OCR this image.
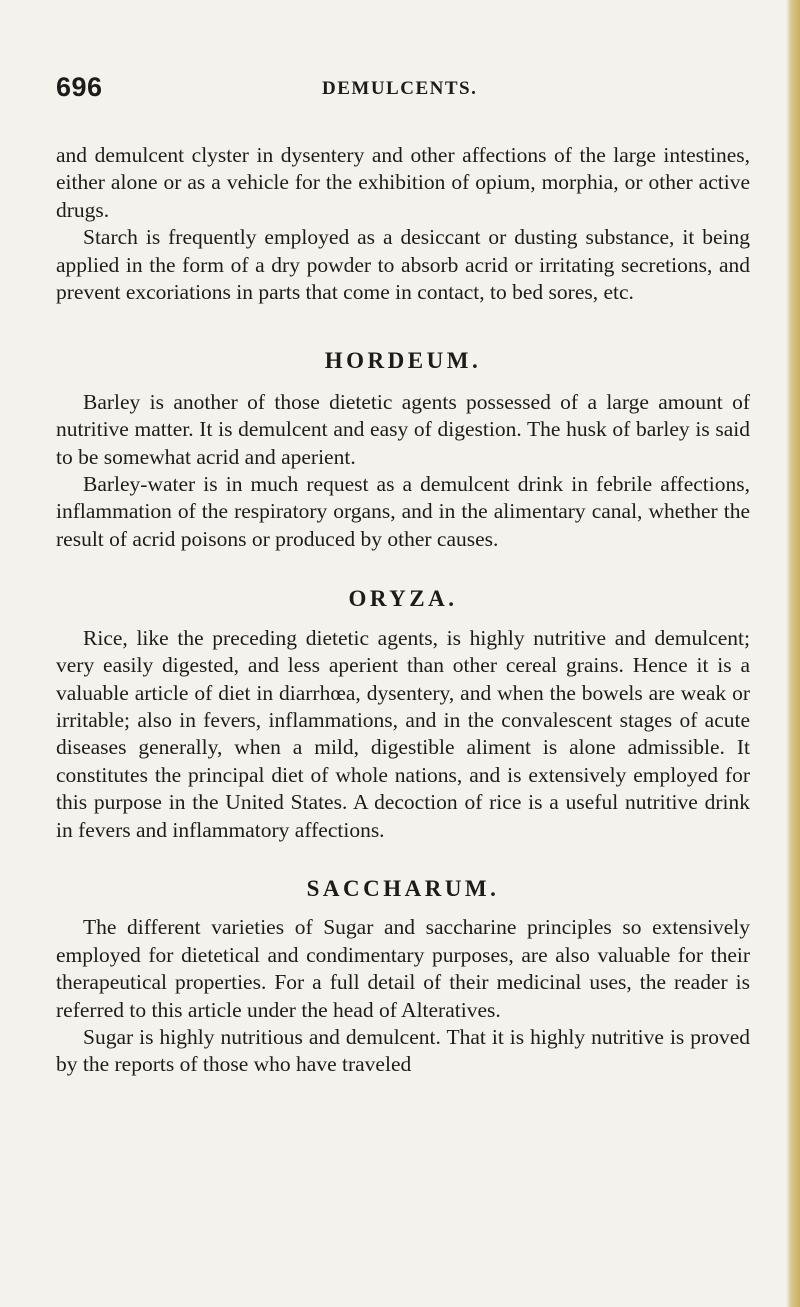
696	DEMULCENTS.

and demulcent clyster in dysentery and other affections of the large intestines, either alone or as a vehicle for the exhibition of opium, morphia, or other active drugs.

Starch is frequently employed as a desiccant or dusting substance, it being applied in the form of a dry powder to absorb acrid or irritating secretions, and prevent excoriations in parts that come in contact, to bed sores, etc.

HORDEUM.

Barley is another of those dietetic agents possessed of a large amount of nutritive matter. It is demulcent and easy of digestion. The husk of barley is said to be somewhat acrid and aperient.

Barley-water is in much request as a demulcent drink in febrile affections, inflammation of the respiratory organs, and in the alimentary canal, whether the result of acrid poisons or produced by other causes.

ORYZA.

Rice, like the preceding dietetic agents, is highly nutritive and demulcent; very easily digested, and less aperient than other cereal grains. Hence it is a valuable article of diet in diarrhœa, dysentery, and when the bowels are weak or irritable; also in fevers, inflammations, and in the convalescent stages of acute diseases generally, when a mild, digestible aliment is alone admissible. It constitutes the principal diet of whole nations, and is extensively employed for this purpose in the United States. A decoction of rice is a useful nutritive drink in fevers and inflammatory affections.

SACCHARUM.

The different varieties of Sugar and saccharine principles so extensively employed for dietetical and condimentary purposes, are also valuable for their therapeutical properties. For a full detail of their medicinal uses, the reader is referred to this article under the head of Alteratives.

Sugar is highly nutritious and demulcent. That it is highly nutritive is proved by the reports of those who have traveled
